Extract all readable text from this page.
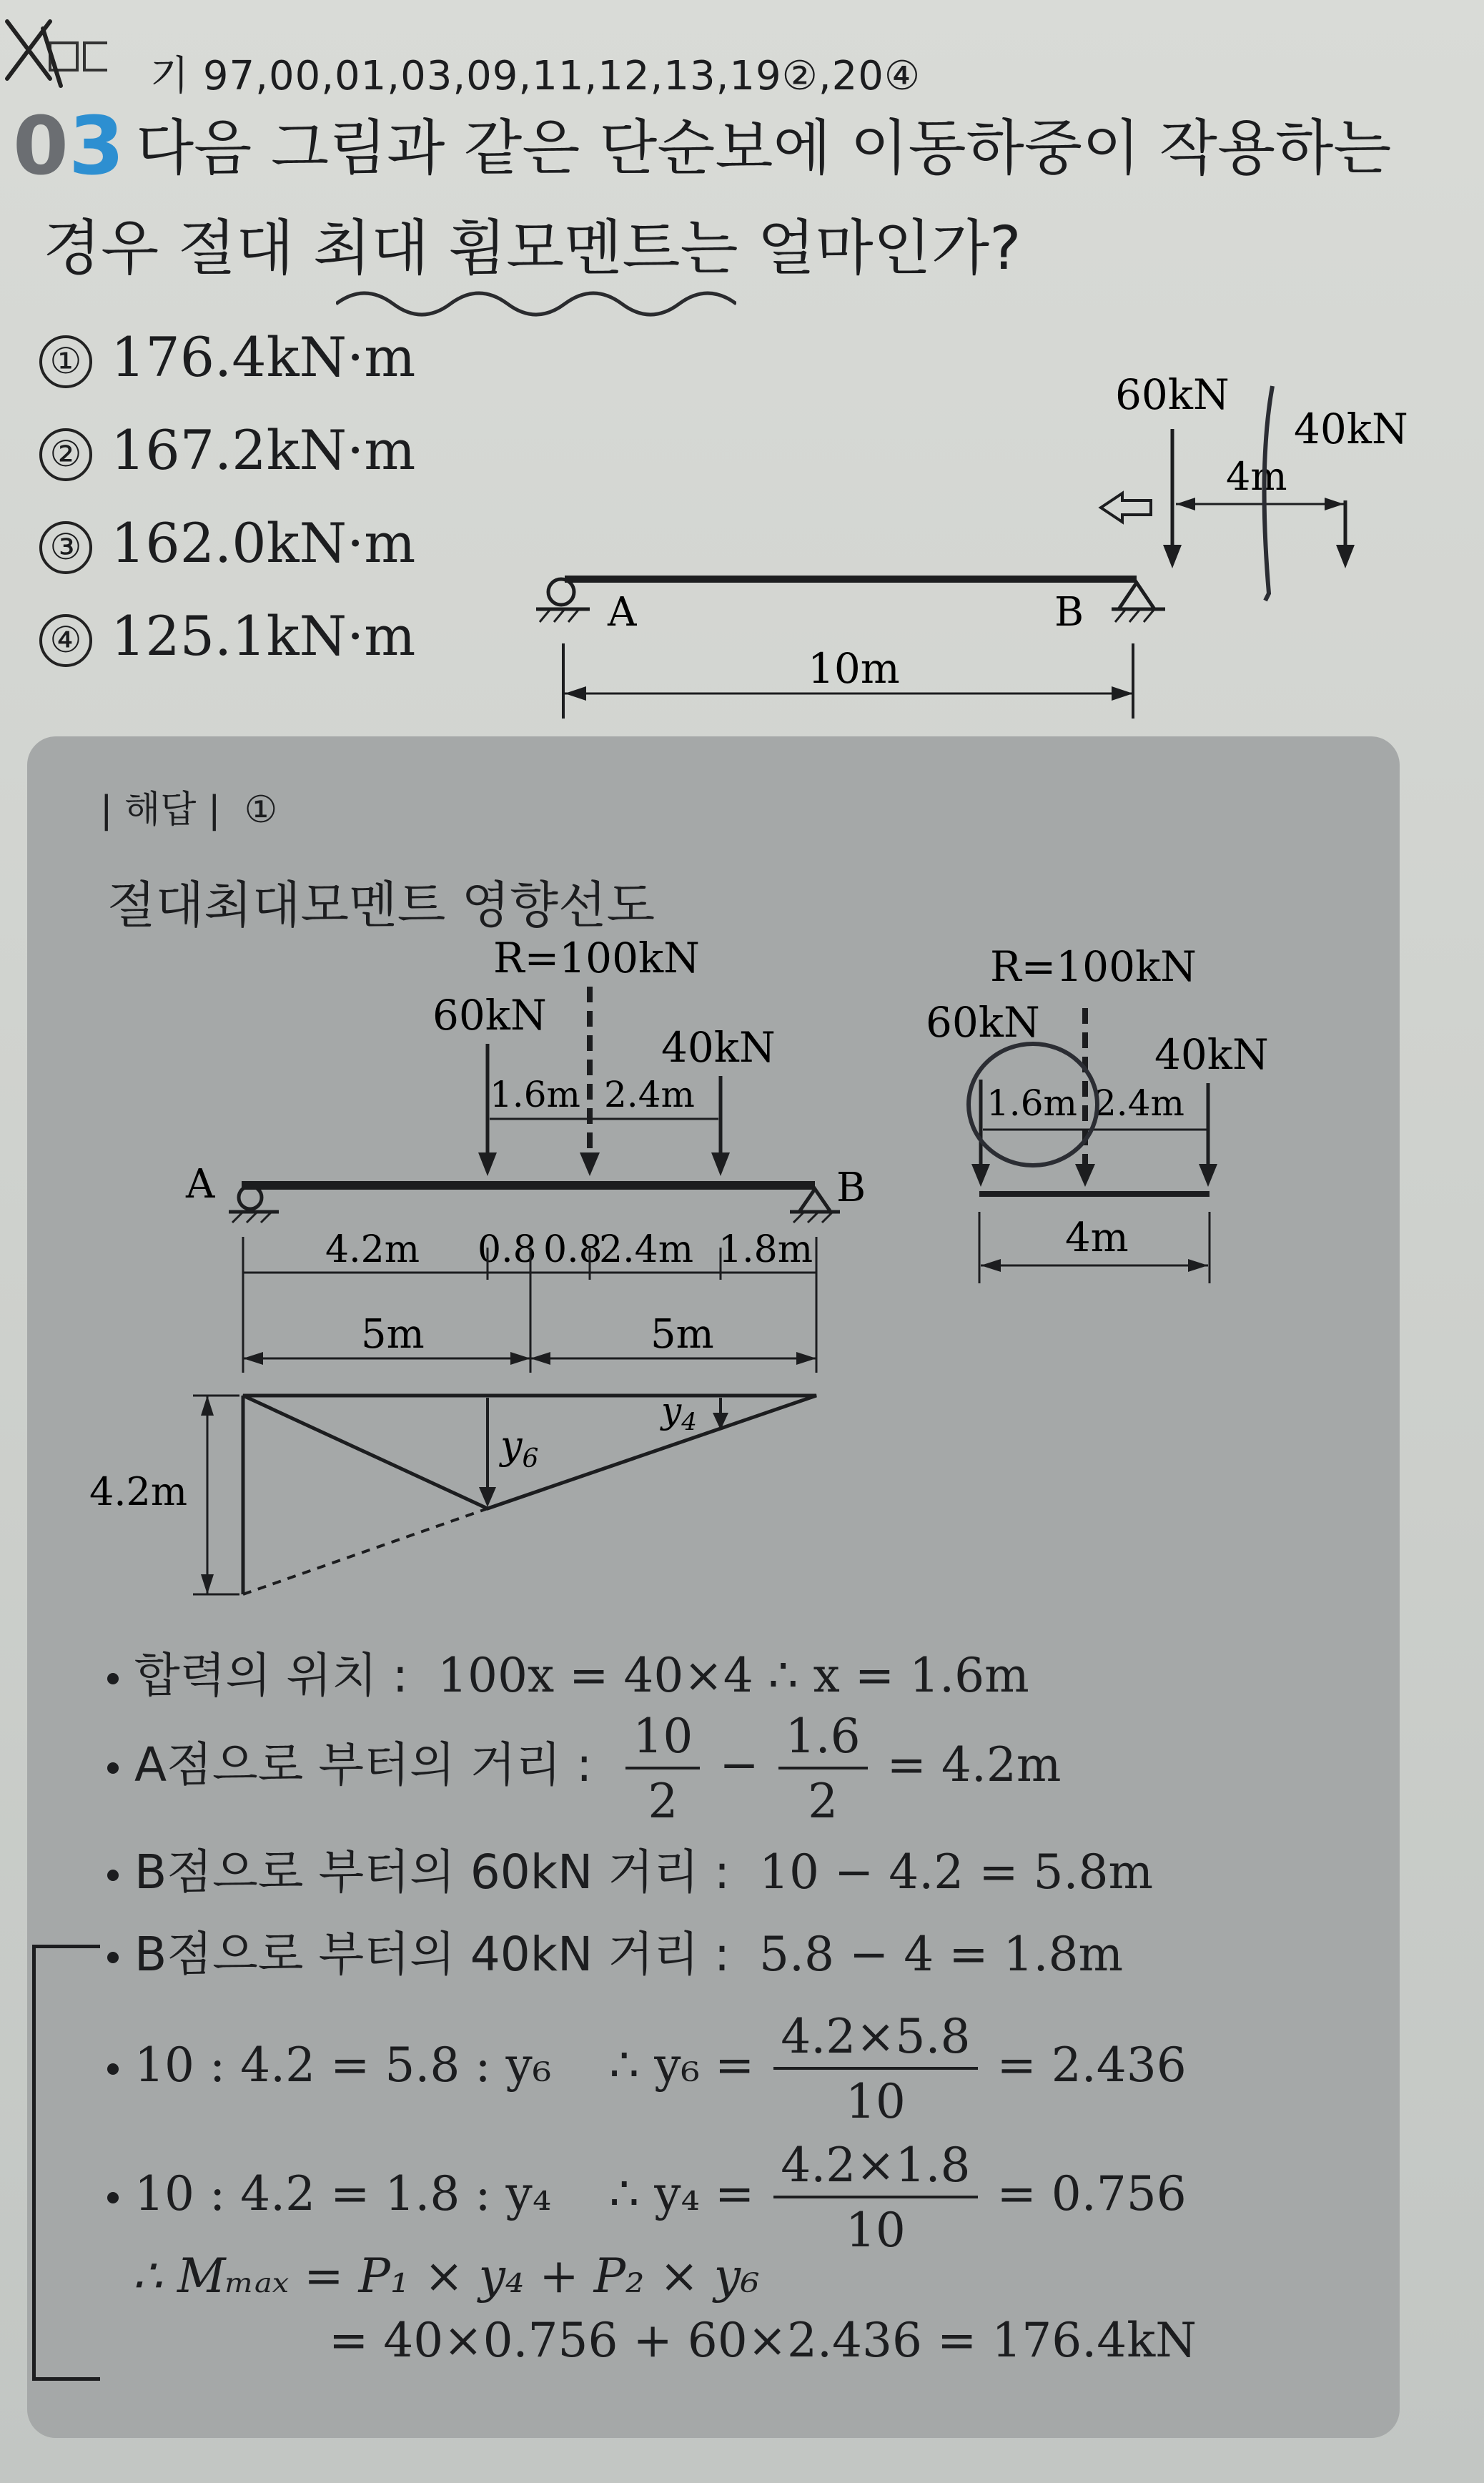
기 97,00,01,03,09,11,12,13,19②,20④
03 다음 그림과 같은 단순보에 이동하중이 작용하는
경우 절대 최대 휨모멘트는 얼마인가?
① 176.4kN·m
② 167.2kN·m
③ 162.0kN·m
④ 125.1kN·m	A	B
10m
60kN
40kN
4m
| 해답 | ①
절대최대모멘트 영향선도
R=100kN
60kN
40kN
1.6m 2.4m
A	B
4.2m 0.8 0.8
2.4m 1.8m
5m	5m
$y_6$
$y_4$
4.2m
R=100kN
60kN
40kN
1.6m 2.4m
4m
합력의 위치 : 100x = 40×4 ∴ x = 1.6m
A점으로 부터의 거리 : $\frac{10}{2} - \frac{1.6}{2} = 4.2m$
B점으로 부터의 60kN 거리 : 10 − 4.2 = 5.8m
B점으로 부터의 40kN 거리 : 5.8 − 4 = 1.8m
10 : 4.2 = 5.8 : y₆ ∴ $y_6 = \frac{4.2\times 5.8}{10} = 2.436$
10 : 4.2 = 1.8 : y₄ ∴ $y_4 = \frac{4.2\times 1.8}{10} = 0.756$
∴ Mₘₐₓ = P₁ × y₄ + P₂ × y₆
= 40×0.756 + 60×2.436 = 176.4kN
